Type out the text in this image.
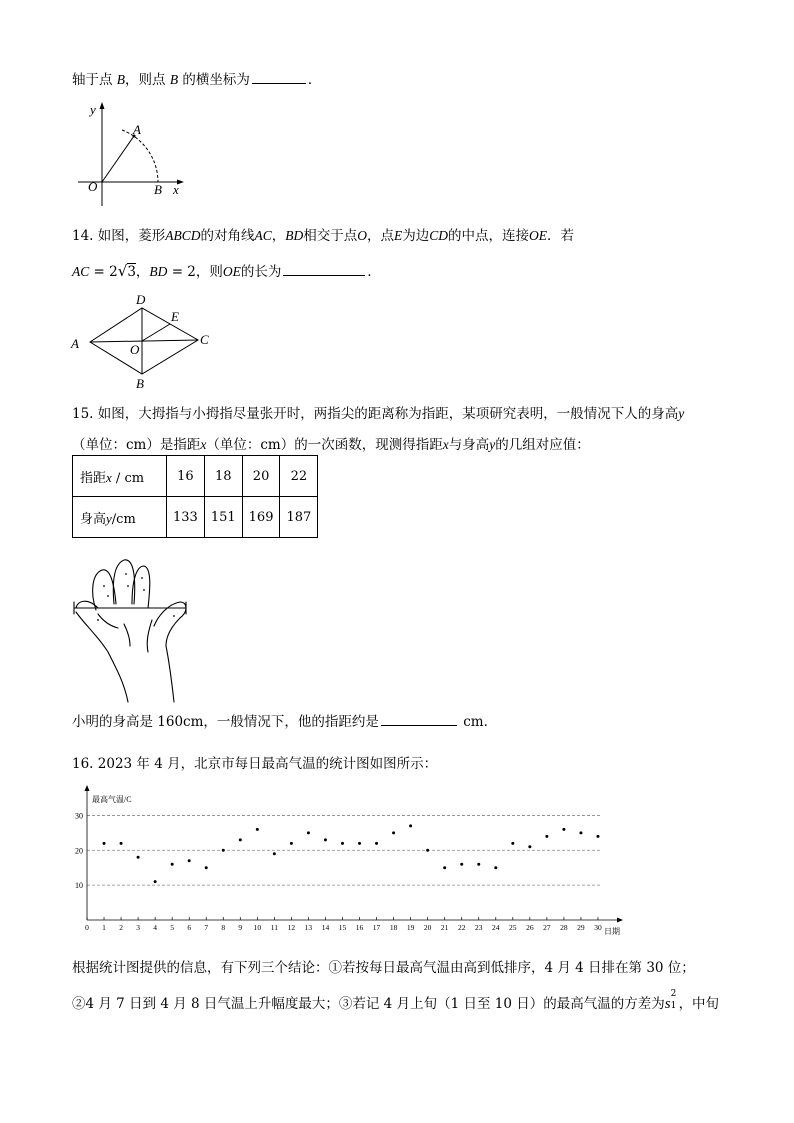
轴于点 B，则点 B 的横坐标为	．
y
x
O
A
B
14. 如图，菱形ABCD的对角线AC，BD相交于点O，点E为边CD的中点，连接OE．若
AC = 2√3，BD = 2，则OE的长为	．
D
A	C
E
O
B
15. 如图，大拇指与小拇指尽量张开时，两指尖的距离称为指距，某项研究表明，一般情况下人的身高y
（单位：cm）是指距x（单位：cm）的一次函数，现测得指距x与身高y的几组对应值：
指距x / cm	16	18	20	22
身高y/cm	133	151	169	187
小明的身高是 160cm，一般情况下，他的指距约是	cm．
16. 2023 年 4 月，北京市每日最高气温的统计图如图所示：
10
20
30
0 1 2 3 4 5 6 7 8 9 10 11 12 13 14 15 16 17 18 19 20 21 22 23 24 25 26 27 28 29 30
最高气温/C
日期
根据统计图提供的信息，有下列三个结论：①若按每日最高气温由高到低排序，4 月 4 日排在第 30 位；
②4 月 7 日到 4 月 8 日气温上升幅度最大；③若记 4 月上旬（1 日至 10 日）的最高气温的方差为s
2
1 ，中旬
